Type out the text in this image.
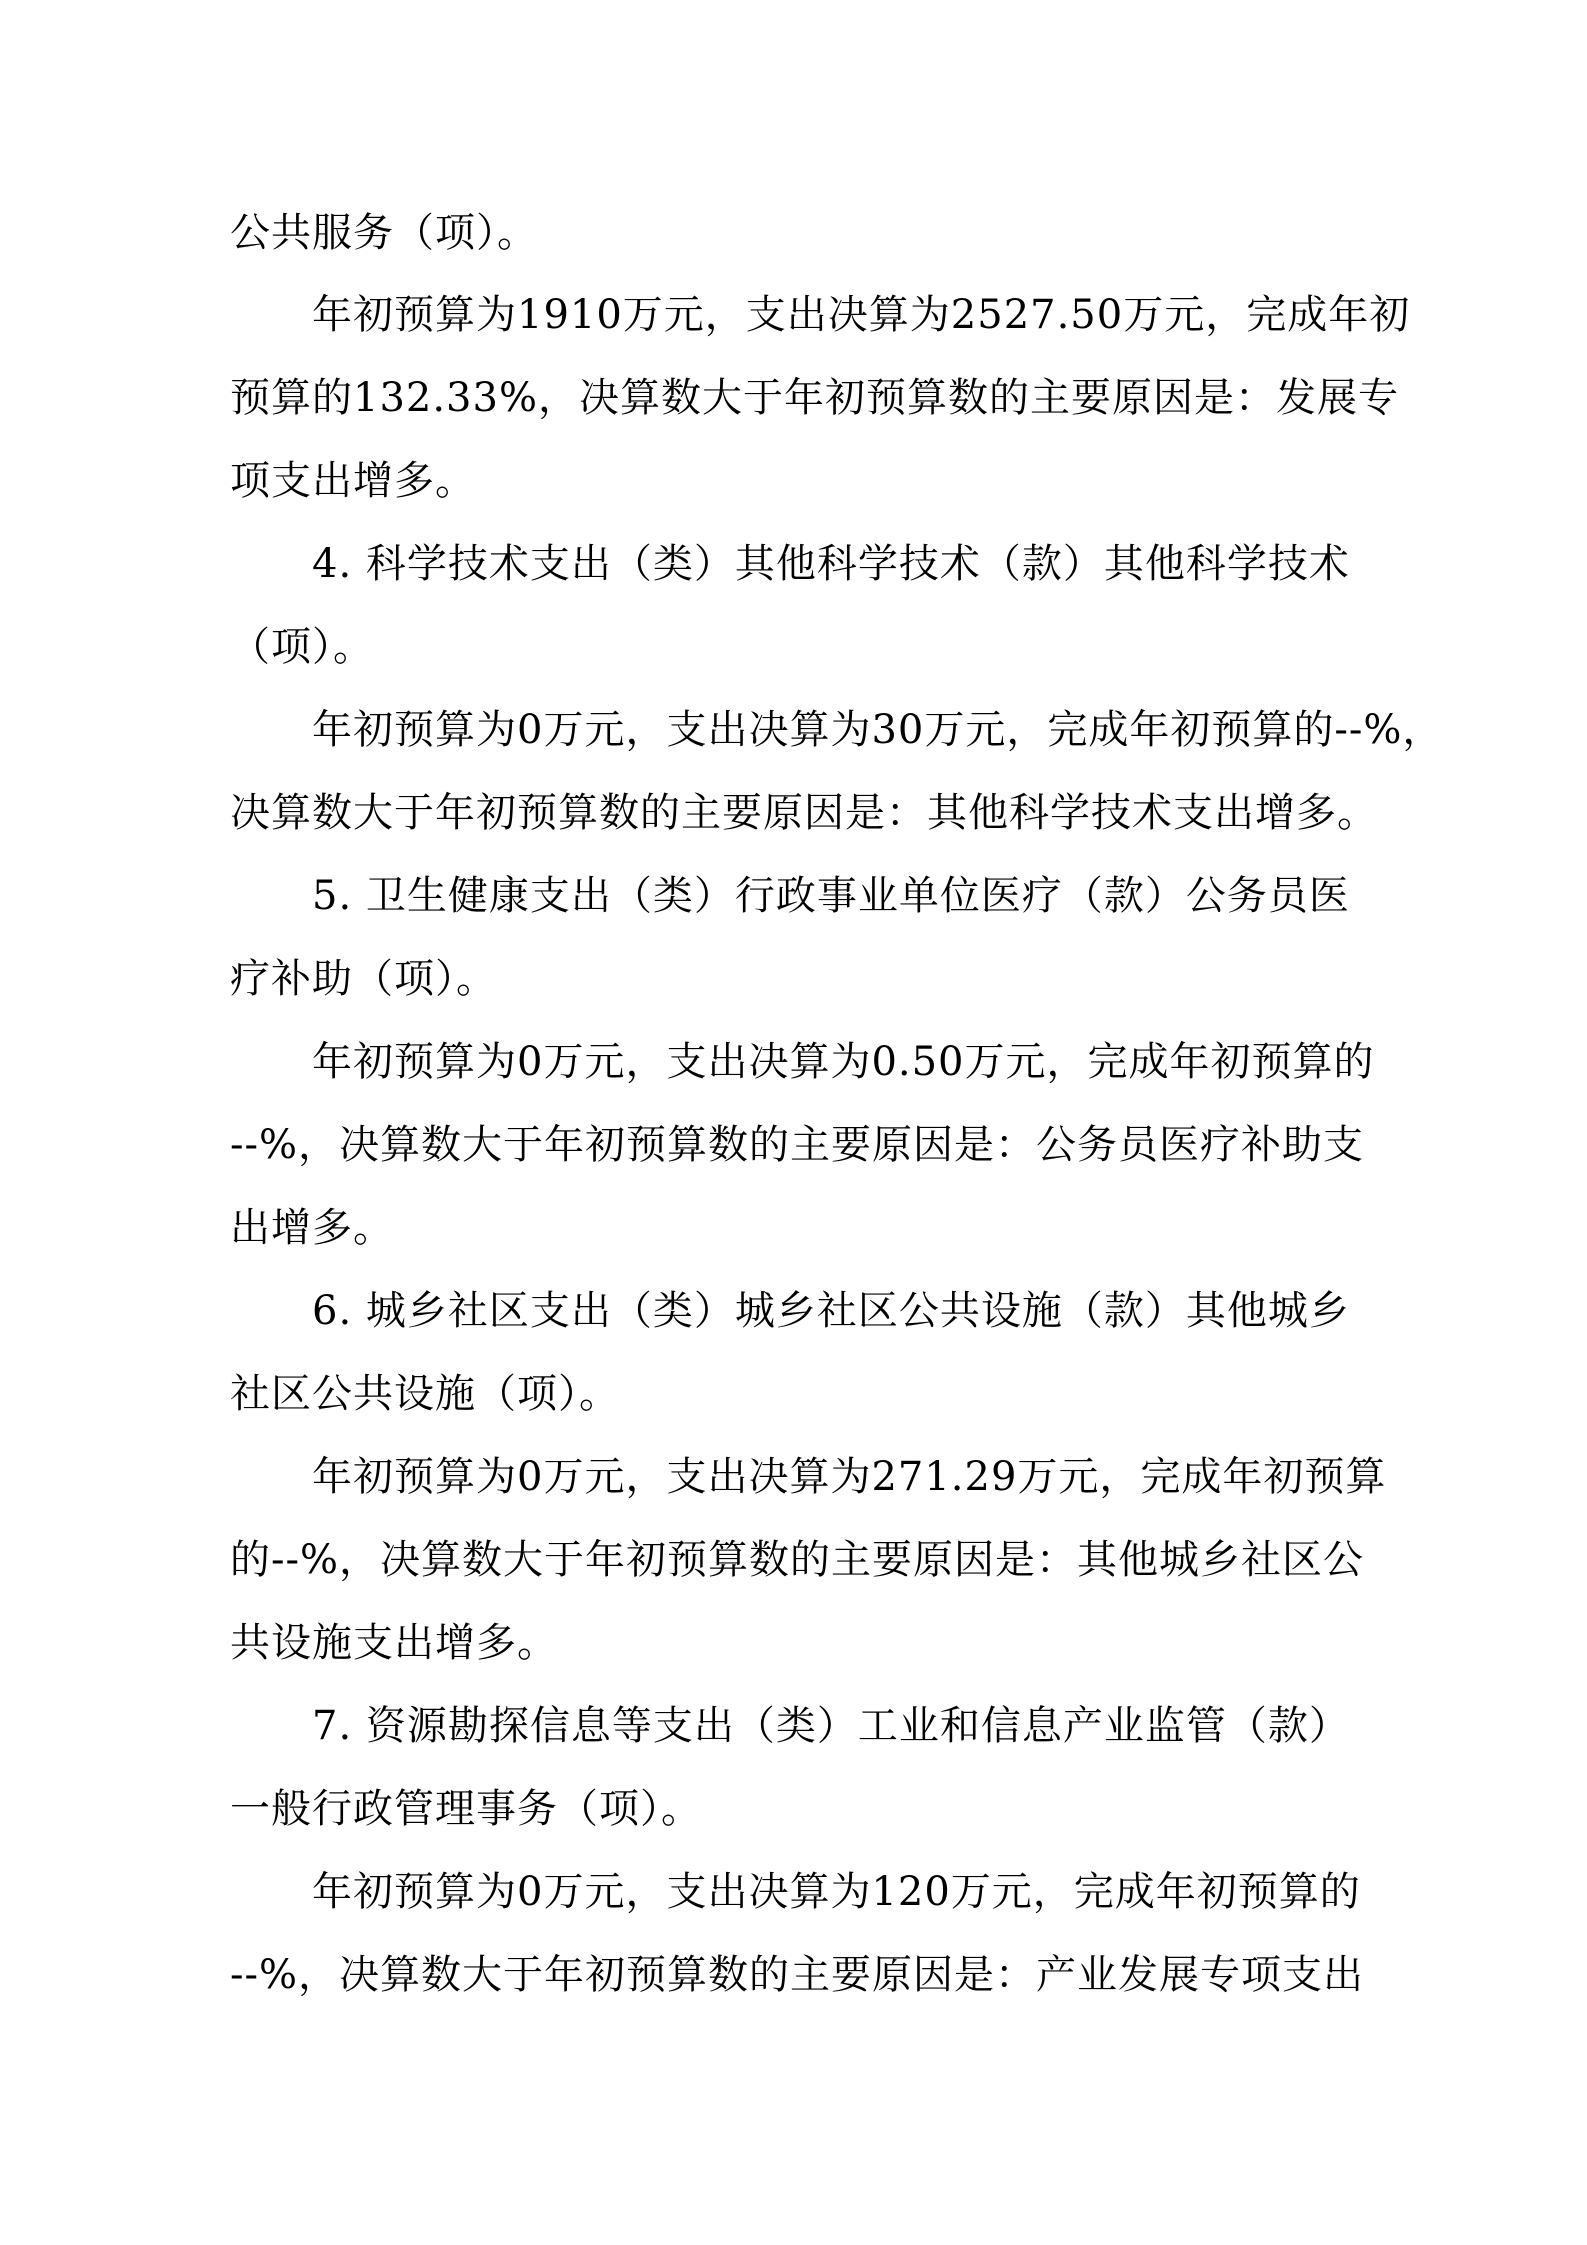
公共服务（项）。
年初预算为1910万元，支出决算为2527.50万元，完成年初
预算的132.33%，决算数大于年初预算数的主要原因是：发展专
项支出增多。
4. 科学技术支出（类）其他科学技术（款）其他科学技术
（项）。
年初预算为0万元，支出决算为30万元，完成年初预算的--%，
决算数大于年初预算数的主要原因是：其他科学技术支出增多。
5. 卫生健康支出（类）行政事业单位医疗（款）公务员医
疗补助（项）。
年初预算为0万元，支出决算为0.50万元，完成年初预算的
--%，决算数大于年初预算数的主要原因是：公务员医疗补助支
出增多。
6. 城乡社区支出（类）城乡社区公共设施（款）其他城乡
社区公共设施（项）。
年初预算为0万元，支出决算为271.29万元，完成年初预算
的--%，决算数大于年初预算数的主要原因是：其他城乡社区公
共设施支出增多。
7. 资源勘探信息等支出（类）工业和信息产业监管（款）
一般行政管理事务（项）。
年初预算为0万元，支出决算为120万元，完成年初预算的
--%，决算数大于年初预算数的主要原因是：产业发展专项支出
